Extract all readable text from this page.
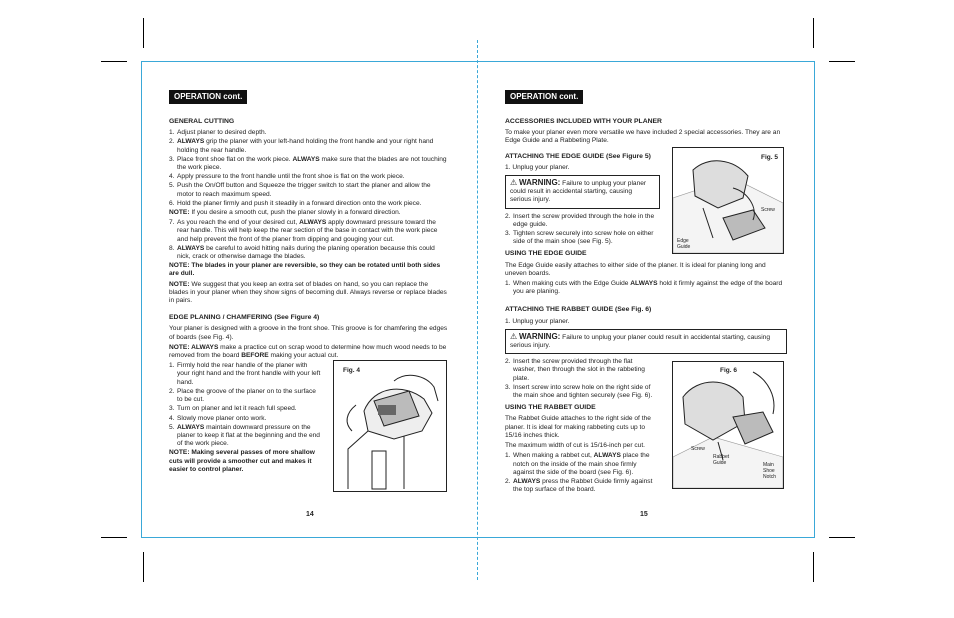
OPERATION cont.
GENERAL CUTTING
1. Adjust planer to desired depth.
2. ALWAYS grip the planer with your left-hand holding the front handle and your right hand holding the rear handle.
3. Place front shoe flat on the work piece. ALWAYS make sure that the blades are not touching the work piece.
4. Apply pressure to the front handle until the front shoe is flat on the work piece.
5. Push the On/Off button and Squeeze the trigger switch to start the planer and allow the motor to reach maximum speed.
6. Hold the planer firmly and push it steadily in a forward direction onto the work piece.

NOTE: If you desire a smooth cut, push the planer slowly in a forward direction.

7. As you reach the end of your desired cut, ALWAYS apply downward pressure toward the rear handle. This will help keep the rear section of the base in contact with the work piece and help prevent the front of the planer from dipping and gouging your cut.
8. ALWAYS be careful to avoid hitting nails during the planing operation because this could nick, crack or otherwise damage the blades.

NOTE: The blades in your planer are reversible, so they can be rotated until both sides are dull.

NOTE: We suggest that you keep an extra set of blades on hand, so you can replace the blades in your planer when they show signs of becoming dull. Always reverse or replace blades in pairs.

EDGE PLANING / CHAMFERING (See Figure 4)

Your planer is designed with a groove in the front shoe. This groove is for chamfering the edges of boards (see Fig. 4).

NOTE: ALWAYS make a practice cut on scrap wood to determine how much wood needs to be removed from the board BEFORE making your actual cut.

1. Firmly hold the rear handle of the planer with your right hand and the front handle with your left hand.
2. Place the groove of the planer on to the surface to be cut.
3. Turn on planer and let it reach full speed.
4. Slowly move planer onto work.
5. ALWAYS maintain downward pressure on the planer to keep it flat at the beginning and the end of the work piece.

NOTE: Making several passes of more shallow cuts will provide a smoother cut and makes it easier to control planer.

Fig. 4
14
OPERATION cont.
ACCESSORIES INCLUDED WITH YOUR PLANER

To make your planer even more versatile we have included 2 special accessories. They are an Edge Guide and a Rabbeting Plate.

ATTACHING THE EDGE GUIDE (See Figure 5)

1. Unplug your planer.

⚠ WARNING: Failure to unplug your planer could result in accidental starting, causing serious injury.
2. Insert the screw provided through the hole in the edge guide.
3. Tighten screw securely into screw hole on either side of the main shoe (see Fig. 5).
USING THE EDGE GUIDE

The Edge Guide easily attaches to either side of the planer. It is ideal for planing long and uneven boards.

1. When making cuts with the Edge Guide ALWAYS hold it firmly against the edge of the board you are planing.
ATTACHING THE RABBET GUIDE (See Fig. 6)

1. Unplug your planer.

⚠ WARNING: Failure to unplug your planer could result in accidental starting, causing serious injury.
2. Insert the screw provided through the flat washer, then through the slot in the rabbeting plate.
3. Insert screw into screw hole on the right side of the main shoe and tighten securely (see Fig. 6).
USING THE RABBET GUIDE

The Rabbet Guide attaches to the right side of the planer. It is ideal for making rabbeting cuts up to 15/16 inches thick.

The maximum width of cut is 15/16-inch per cut.

1. When making a rabbet cut, ALWAYS place the notch on the inside of the main shoe firmly against the side of the board (see Fig. 6).
2. ALWAYS press the Rabbet Guide firmly against the top surface of the board.
Fig. 5
Screw
Edge Guide
Fig. 6
Screw
Rabbet Guide	Main Shoe Notch
15
